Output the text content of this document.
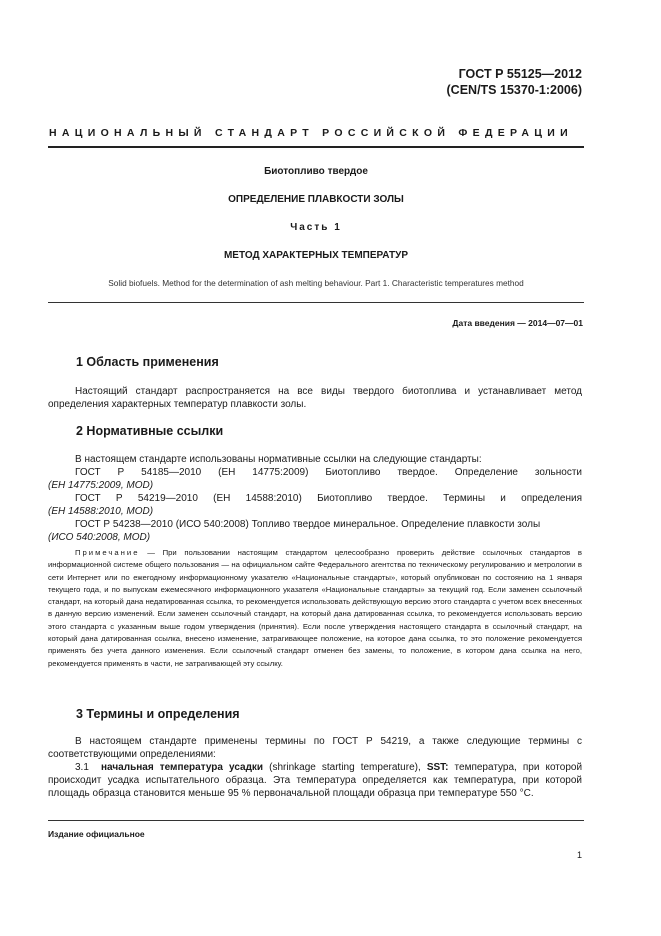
ГОСТ Р 55125—2012
(CEN/TS 15370-1:2006)
НАЦИОНАЛЬНЫЙ СТАНДАРТ РОССИЙСКОЙ ФЕДЕРАЦИИ
Биотопливо твердое
ОПРЕДЕЛЕНИЕ ПЛАВКОСТИ ЗОЛЫ
Часть 1
МЕТОД ХАРАКТЕРНЫХ ТЕМПЕРАТУР
Solid biofuels. Method for the determination of ash melting behaviour. Part 1. Characteristic temperatures method
Дата введения — 2014—07—01
1 Область применения

Настоящий стандарт распространяется на все виды твердого биотоплива и устанавливает метод определения характерных температур плавкости золы.

2 Нормативные ссылки

В настоящем стандарте использованы нормативные ссылки на следующие стандарты:

ГОСТ Р 54185—2010 (ЕН 14775:2009) Биотопливо твердое. Определение зольности

(ЕН 14775:2009, MOD)

ГОСТ Р 54219—2010 (ЕН 14588:2010) Биотопливо твердое. Термины и определения

(ЕН 14588:2010, MOD)

ГОСТ Р 54238—2010 (ИСО 540:2008) Топливо твердое минеральное. Определение плавкости золы

(ИСО 540:2008, MOD)

Примечание — При пользовании настоящим стандартом целесообразно проверить действие ссылочных стандартов в информационной системе общего пользования — на официальном сайте Федерального агентства по техническому регулированию и метрологии в сети Интернет или по ежегодному информационному указателю «Национальные стандарты», который опубликован по состоянию на 1 января текущего года, и по выпускам ежемесячного информационного указателя «Национальные стандарты» за текущий год. Если заменен ссылочный стандарт, на который дана недатированная ссылка, то рекомендуется использовать действующую версию этого стандарта с учетом всех внесенных в данную версию изменений. Если заменен ссылочный стандарт, на который дана датированная ссылка, то рекомендуется использовать версию этого стандарта с указанным выше годом утверждения (принятия). Если после утверждения настоящего стандарта в ссылочный стандарт, на который дана датированная ссылка, внесено изменение, затрагивающее положение, на которое дана ссылка, то это положение рекомендуется применять без учета данного изменения. Если ссылочный стандарт отменен без замены, то положение, в котором дана ссылка на него, рекомендуется применять в части, не затрагивающей эту ссылку.

3 Термины и определения

В настоящем стандарте применены термины по ГОСТ Р 54219, а также следующие термины с соответствующими определениями:

3.1 начальная температура усадки (shrinkage starting temperature), SST: температура, при которой происходит усадка испытательного образца. Эта температура определяется как температура, при которой площадь образца становится меньше 95 % первоначальной площади образца при температуре 550 °С.

Издание официальное
1
